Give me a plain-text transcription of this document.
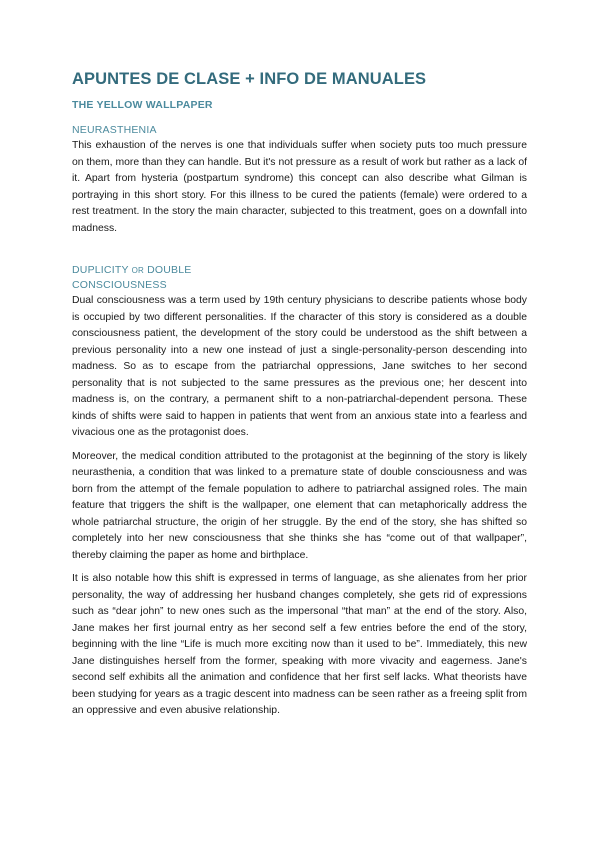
APUNTES DE CLASE + INFO DE MANUALES
THE YELLOW WALLPAPER
NEURASTHENIA

This exhaustion of the nerves is one that individuals suffer when society puts too much pressure on them, more than they can handle. But it's not pressure as a result of work but rather as a lack of it. Apart from hysteria (postpartum syndrome) this concept can also describe what Gilman is portraying in this short story. For this illness to be cured the patients (female) were ordered to a rest treatment. In the story the main character, subjected to this treatment, goes on a downfall into madness.

DUPLICITY OR DOUBLE
CONSCIOUSNESS

Dual consciousness was a term used by 19th century physicians to describe patients whose body is occupied by two different personalities. If the character of this story is considered as a double consciousness patient, the development of the story could be understood as the shift between a previous personality into a new one instead of just a single-personality-person descending into madness. So as to escape from the patriarchal oppressions, Jane switches to her second personality that is not subjected to the same pressures as the previous one; her descent into madness is, on the contrary, a permanent shift to a non-patriarchal-dependent persona. These kinds of shifts were said to happen in patients that went from an anxious state into a fearless and vivacious one as the protagonist does.

Moreover, the medical condition attributed to the protagonist at the beginning of the story is likely neurasthenia, a condition that was linked to a premature state of double consciousness and was born from the attempt of the female population to adhere to patriarchal assigned roles. The main feature that triggers the shift is the wallpaper, one element that can metaphorically address the whole patriarchal structure, the origin of her struggle. By the end of the story, she has shifted so completely into her new consciousness that she thinks she has “come out of that wallpaper”, thereby claiming the paper as home and birthplace.

It is also notable how this shift is expressed in terms of language, as she alienates from her prior personality, the way of addressing her husband changes completely, she gets rid of expressions such as “dear john” to new ones such as the impersonal “that man” at the end of the story. Also, Jane makes her first journal entry as her second self a few entries before the end of the story, beginning with the line “Life is much more exciting now than it used to be”. Immediately, this new Jane distinguishes herself from the former, speaking with more vivacity and eagerness. Jane's second self exhibits all the animation and confidence that her first self lacks. What theorists have been studying for years as a tragic descent into madness can be seen rather as a freeing split from an oppressive and even abusive relationship.
